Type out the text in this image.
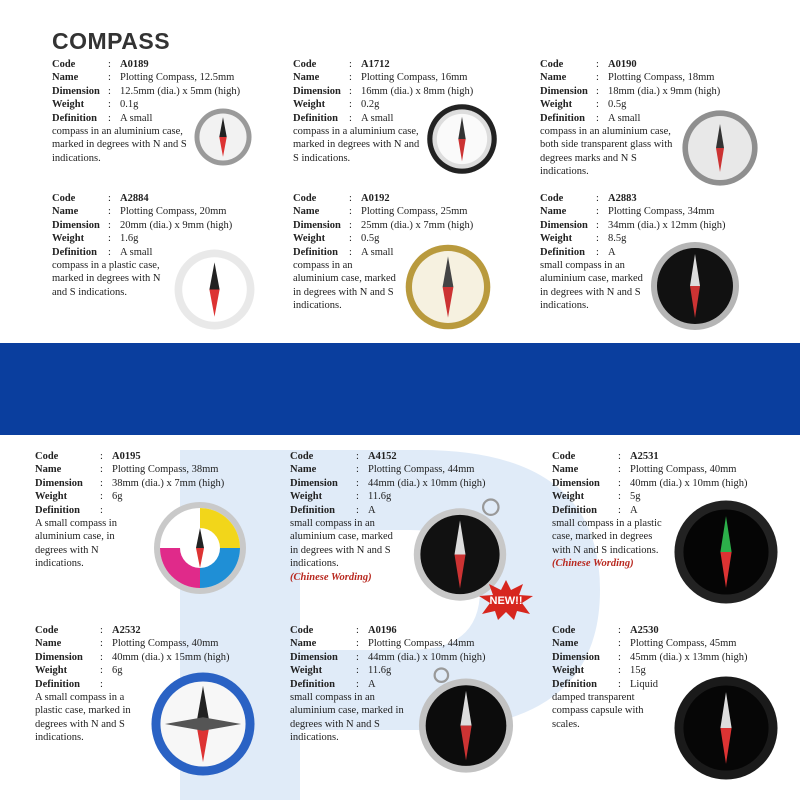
COMPASS
Code	: A0189
Name	: Plotting Compass, 12.5mm
Dimension : 12.5mm (dia.) x 5mm (high)
Weight	: 0.1g
Definition	: A small
compass in an aluminium case, marked in degrees with N and S indications.
Code	: A1712
Name	: Plotting Compass, 16mm
Dimension : 16mm (dia.) x 8mm (high)
Weight	: 0.2g
Definition	: A small
compass in a aluminium case, marked in degrees with N and S indications.
Code	: A0190
Name	: Plotting Compass, 18mm
Dimension : 18mm (dia.) x 9mm (high)
Weight	: 0.5g
Definition	: A small
compass in an aluminium case, both side transparent glass with degrees marks and N S indications.
Code	: A2884
Name	: Plotting Compass, 20mm
Dimension : 20mm (dia.) x 9mm (high)
Weight	: 1.6g
Definition	: A small
compass in a plastic case, marked in degrees with N and S indications.
Code	: A0192
Name	: Plotting Compass, 25mm
Dimension : 25mm (dia.) x 7mm (high)
Weight	: 0.5g
Definition	: A small
compass in an aluminium case, marked in degrees with N and S indications.
Code	: A2883
Name	: Plotting Compass, 34mm
Dimension : 34mm (dia.) x 12mm (high)
Weight	: 8.5g
Definition	: A
small compass in an aluminium case, marked in degrees with N and S indications.
Code	: A0195
Name	: Plotting Compass, 38mm
Dimension	: 38mm (dia.) x 7mm (high)
Weight	: 6g
Definition	:
A small compass in aluminium case, in degrees with N indications.
Code	: A4152
Name	: Plotting Compass, 44mm
Dimension	: 44mm (dia.) x 10mm (high)
Weight	: 11.6g
Definition	: A
small compass in an aluminium case, marked in degrees with N and S indications.
(Chinese Wording)
NEW!!
Code	: A2531
Name	: Plotting Compass, 40mm
Dimension	: 40mm (dia.) x 10mm (high)
Weight	: 5g
Definition	: A
small compass in a plastic case, marked in degrees with N and S indications.
(Chinese Wording)
Code	: A2532
Name	: Plotting Compass, 40mm
Dimension	: 40mm (dia.) x 15mm (high)
Weight	: 6g
Definition	:
A small compass in a plastic case, marked in degrees with N and S indications.
Code	: A0196
Name	: Plotting Compass, 44mm
Dimension	: 44mm (dia.) x 10mm (high)
Weight	: 11.6g
Definition	: A
small compass in an aluminium case, marked in degrees with N and S indications.
Code	: A2530
Name	: Plotting Compass, 45mm
Dimension	: 45mm (dia.) x 13mm (high)
Weight	: 15g
Definition	: Liquid
damped transparent compass capsule with scales.
